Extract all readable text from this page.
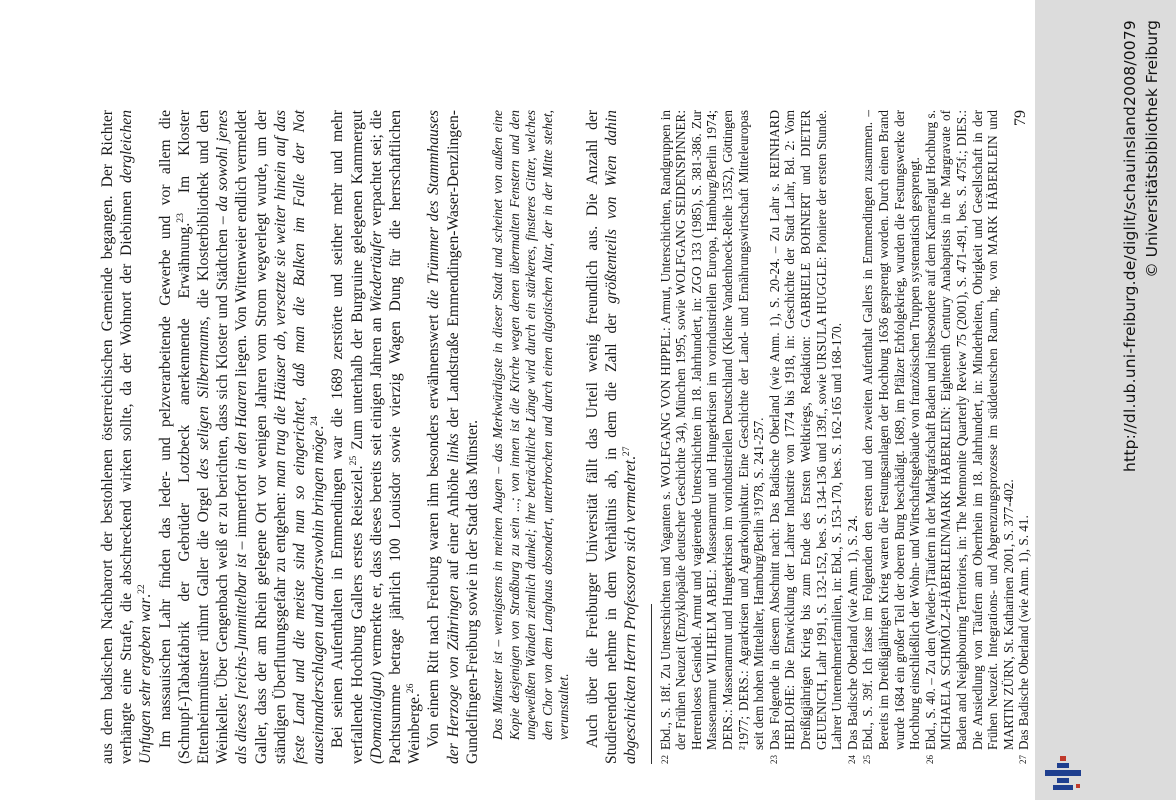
aus dem badischen Nachbarort der bestohlenen österreichischen Gemeinde begangen. Der Richter verhängte eine Strafe, die abschreckend wirken sollte, da der Wohnort der Diebinnen dergleichen Unfugen sehr ergeben war.$^{22}$ Im nassauischen Lahr finden das leder- und pelzverarbeitende Gewerbe und vor allem die (Schnupf-)Tabakfabrik der Gebrüder Lotzbeck anerkennende Erwähnung.$^{23}$ Im Kloster Ettenheimmünster rühmt Galler die Orgel des seligen Silbermanns, die Klosterbibliothek und den Weinkeller. Über Gengenbach weiß er zu berichten, dass sich Kloster und Städtchen – da sowohl jenes als dieses [reichs-]unmittelbar ist – immerfort in den Haaren liegen. Von Wittenweier endlich vermeldet Galler, dass der am Rhein gelegene Ort vor wenigen Jahren vom Strom wegverlegt wurde, um der ständigen Überflutungsgefahr zu entgehen: man trug die Häuser ab, versetzte sie weiter hinein auf das feste Land und die meiste sind nun so eingerichtet, daß man die Balken im Falle der Not auseinanderschlagen und anderswohin bringen möge.$^{24}$ Bei seinen Aufenthalten in Emmendingen war die 1689 zerstörte und seither mehr und mehr verfallende Hochburg Gallers erstes Reiseziel.$^{25}$ Zum unterhalb der Burgruine gelegenen Kammergut (Domanialgut) vermerkte er, dass dieses bereits seit einigen Jahren an Wiedertäufer verpachtet sei; die Pachtsumme betrage jährlich 100 Louisdor sowie vierzig Wagen Dung für die herrschaftlichen Weinberge.$^{26}$ Von einem Ritt nach Freiburg waren ihm besonders erwähnenswert die Trümmer des Stammhauses der Herzoge von Zähringen auf einer Anhöhe links der Landstraße Emmendingen-Waser-Denzlingen-Gundelfingen-Freiburg sowie in der Stadt das Münster. Das Münster ist – wenigstens in meinen Augen – das Merkwürdigste in dieser Stadt und scheinet von außen eine Kopie desjenigen von Straßburg zu sein ...; von innen ist die Kirche wegen denen übermalten Fenstern und den ungeweißten Wänden ziemlich dunkel; ihre beträchtliche Länge wird durch ein stärkeres, finsteres Gitter, welches den Chor von dem Langhaus absondert, unterbrochen und durch einen altgotischen Altar, der in der Mitte stehet, verunstaltet. Auch über die Freiburger Universität fällt das Urteil wenig freundlich aus. Die Anzahl der Studierenden nehme in dem Verhältnis ab, in dem die Zahl der größtenteils von Wien dahin abgeschickten Herrn Professoren sich vermehret.$^{27}$

22
Ebd., S. 18f. Zu Unterschichten und Vaganten s. WOLFGANG VON HIPPEL: Armut, Unterschichten, Randgruppen in der Frühen Neuzeit (Enzyklopädie deutscher Geschichte 34), München 1995, sowie WOLFGANG SEIDENSPINNER: Herrenloses Gesindel. Armut und vagierende Unterschichten im 18. Jahrhundert, in: ZGO 133 (1985), S. 381-386. Zur Massenarmut WILHELM ABEL: Massenarmut und Hungerkrisen im vorindustriellen Europa, Hamburg/Berlin 1974; DERS.: Massenarmut und Hungerkrisen im vorindustriellen Deutschland (Kleine Vandenhoeck-Reihe 1352), Göttingen ²1977; DERS.: Agrarkrisen und Agrarkonjunktur. Eine Geschichte der Land- und Ernährungswirtschaft Mitteleuropas seit dem hohen Mittelalter, Hamburg/Berlin ³1978, S. 241-257.
23
Das Folgende in diesem Abschnitt nach: Das Badische Oberland (wie Anm. 1), S. 20-24. – Zu Lahr s. REINHARD HEBLOHE: Die Entwicklung der Lahrer Industrie von 1774 bis 1918, in: Geschichte der Stadt Lahr, Bd. 2: Vom Dreißigjährigen Krieg bis zum Ende des Ersten Weltkriegs, Redaktion: GABRIELE BOHNERT und DIETER GEUENICH, Lahr 1991, S. 132-152, bes. S. 134-136 und 139f., sowie URSULA HUGGLE: Pioniere der ersten Stunde. Lahrer Unternehmerfamilien, in: Ebd., S. 153-170, bes. S. 162-165 und 168-170.
24
Das Badische Oberland (wie Anm. 1), S. 24.
25
Ebd., S. 39f. Ich fasse im Folgenden den ersten und den zweiten Aufenthalt Gallers in Emmendingen zusammen. – Bereits im Dreißigjährigen Krieg waren die Festungsanlagen der Hochburg 1636 gesprengt worden. Durch einen Brand wurde 1684 ein großer Teil der oberen Burg beschädigt. 1689, im Pfälzer Erbfolgekrieg, wurden die Festungswerke der Hochburg einschließlich der Wohn- und Wirtschaftsgebäude von französischen Truppen systematisch gesprengt.
26
Ebd., S. 40. – Zu den (Wieder-)Täufern in der Markgrafschaft Baden und insbesondere auf dem Kameralgut Hochburg s. MICHAELA SCHMÖLZ-HÄBERLEIN/MARK HÄBERLEIN: Eighteenth Century Anabaptists in the Margravate of Baden and Neighbouring Territories, in: The Mennonite Quarterly Review 75 (2001), S. 471-491, bes. S. 475f.; DIES.: Die Ansiedlung von Täufern am Oberrhein im 18. Jahrhundert, in: Minderheiten, Obrigkeit und Gesellschaft in der Frühen Neuzeit. Integrations- und Abgrenzungsprozesse im süddeutschen Raum, hg. von MARK HÄBERLEIN und MARTIN ZÜRN, St. Katharinen 2001, S. 377-402.
27
Das Badische Oberland (wie Anm. 1), S. 41.
79	http://dl.ub.uni-freiburg.de/diglit/schauinsland2008/0079 © Universitätsbibliothek Freiburg
